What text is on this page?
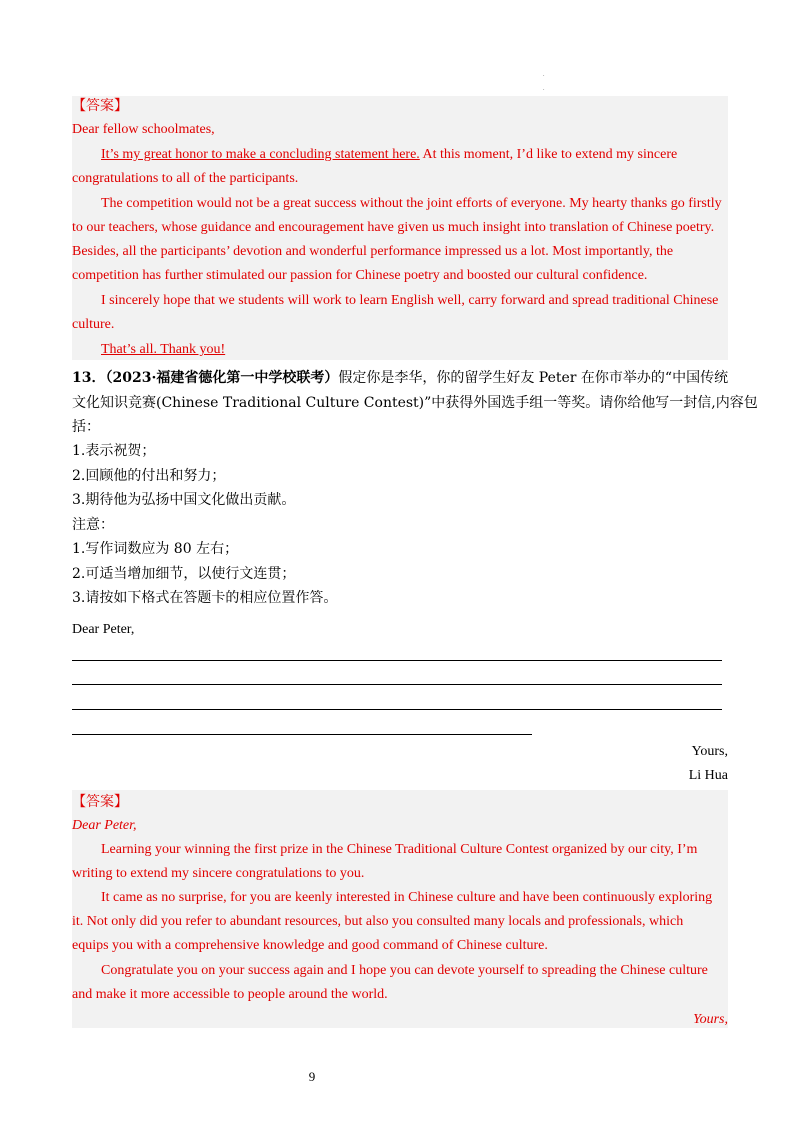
.
.
【答案】
Dear fellow schoolmates,
It’s my great honor to make a concluding statement here. At this moment, I’d like to extend my sincere
congratulations to all of the participants.
The competition would not be a great success without the joint efforts of everyone. My hearty thanks go firstly
to our teachers, whose guidance and encouragement have given us much insight into translation of Chinese poetry.
Besides, all the participants’ devotion and wonderful performance impressed us a lot. Most importantly, the
competition has further stimulated our passion for Chinese poetry and boosted our cultural confidence.
I sincerely hope that we students will work to learn English well, carry forward and spread traditional Chinese
culture.
That’s all. Thank you!
13．（2023·福建省德化第一中学校联考）假定你是李华，你的留学生好友 Peter 在你市举办的“中国传统
文化知识竞赛(Chinese Traditional Culture Contest)”中获得外国选手组一等奖。请你给他写一封信,内容包
括：
1.表示祝贺；
2.回顾他的付出和努力；
3.期待他为弘扬中国文化做出贡献。
注意：
1.写作词数应为 80 左右；
2.可适当增加细节，以使行文连贯；
3.请按如下格式在答题卡的相应位置作答。
Dear Peter,
Yours,
Li Hua
【答案】
Dear Peter,
Learning your winning the first prize in the Chinese Traditional Culture Contest organized by our city, I’m
writing to extend my sincere congratulations to you.
It came as no surprise, for you are keenly interested in Chinese culture and have been continuously exploring
it. Not only did you refer to abundant resources, but also you consulted many locals and professionals, which
equips you with a comprehensive knowledge and good command of Chinese culture.
Congratulate you on your success again and I hope you can devote yourself to spreading the Chinese culture
and make it more accessible to people around the world.
Yours,
9
